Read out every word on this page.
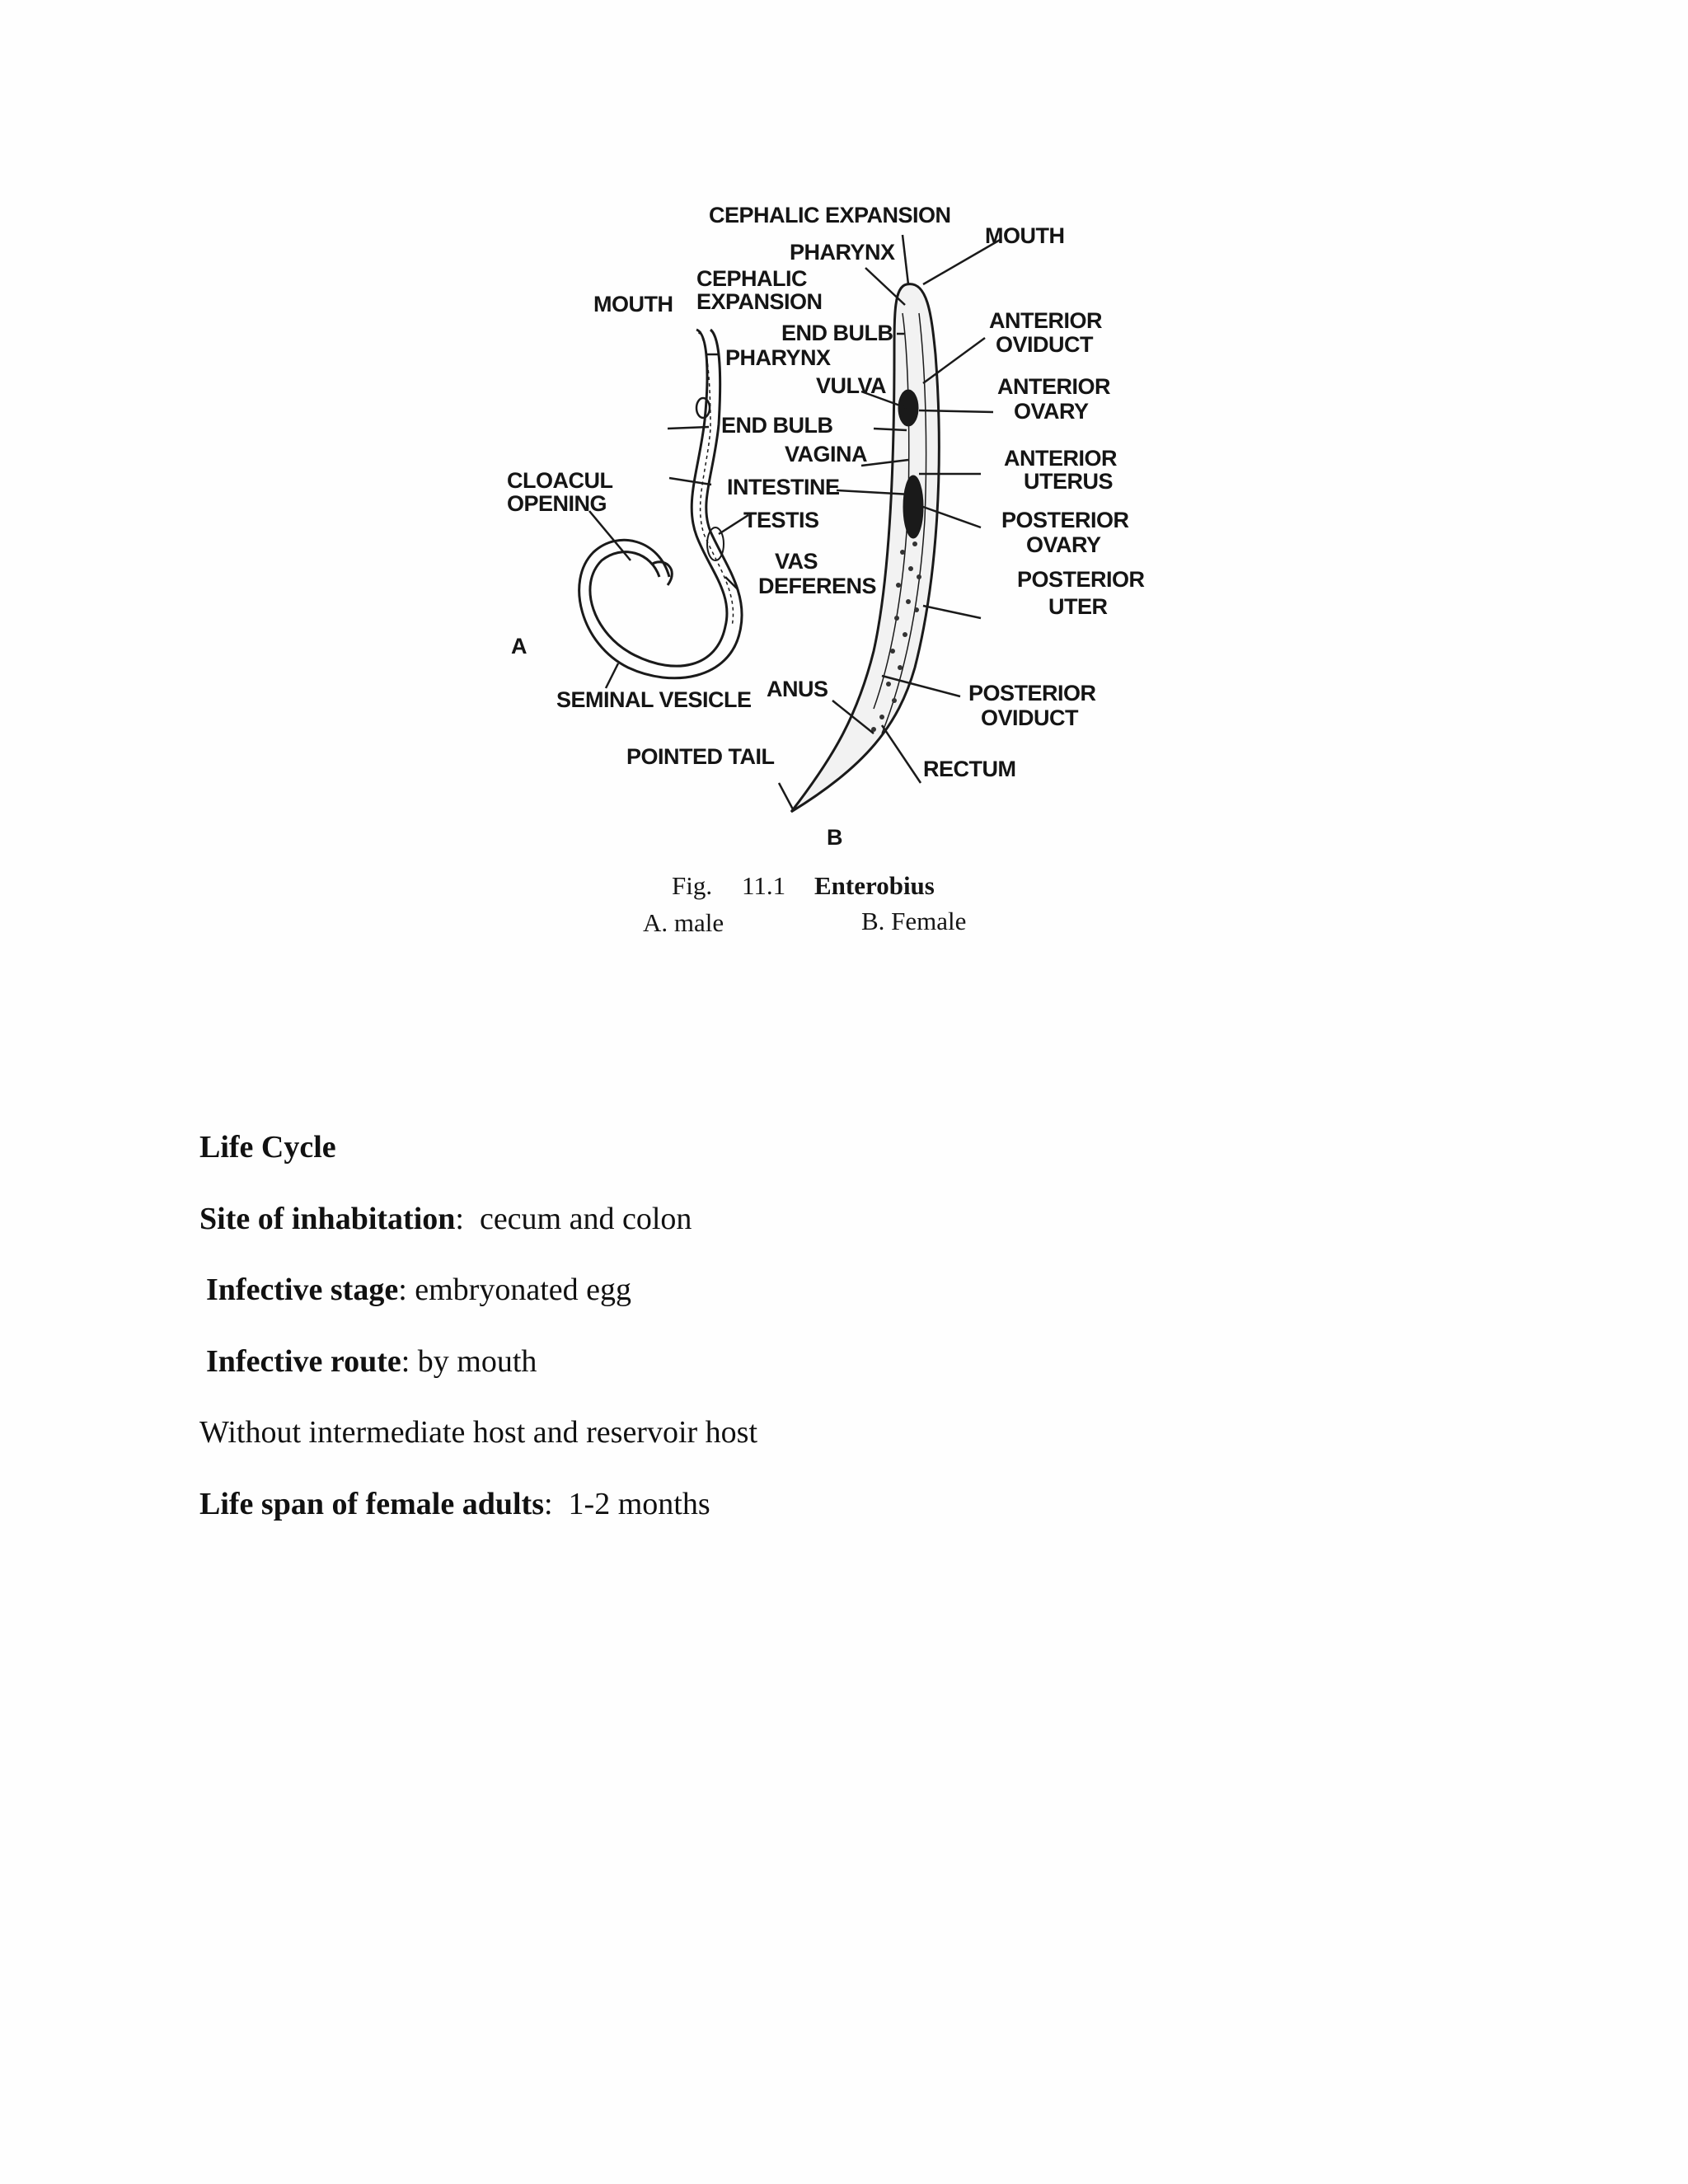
CEPHALIC EXPANSION
MOUTH
PHARYNX
CEPHALIC
EXPANSION
MOUTH
END BULB	ANTERIOR
OVIDUCT
PHARYNX
VULVA	ANTERIOR
OVARY
END BULB
VAGINA	ANTERIOR
UTERUS
CLOACUL
OPENING
INTESTINE
TESTIS	POSTERIOR
OVARY
VAS
DEFERENS	POSTERIOR
UTER
A
ANUS
SEMINAL VESICLE	POSTERIOR
OVIDUCT
POINTED TAIL	RECTUM
B
Fig. 11.1 Enterobius
A. male	B. Female
Life Cycle
Site of inhabitation:  cecum and colon
Infective stage: embryonated egg
Infective route: by mouth
Without intermediate host and reservoir host
Life span of female adults:  1-2 months
